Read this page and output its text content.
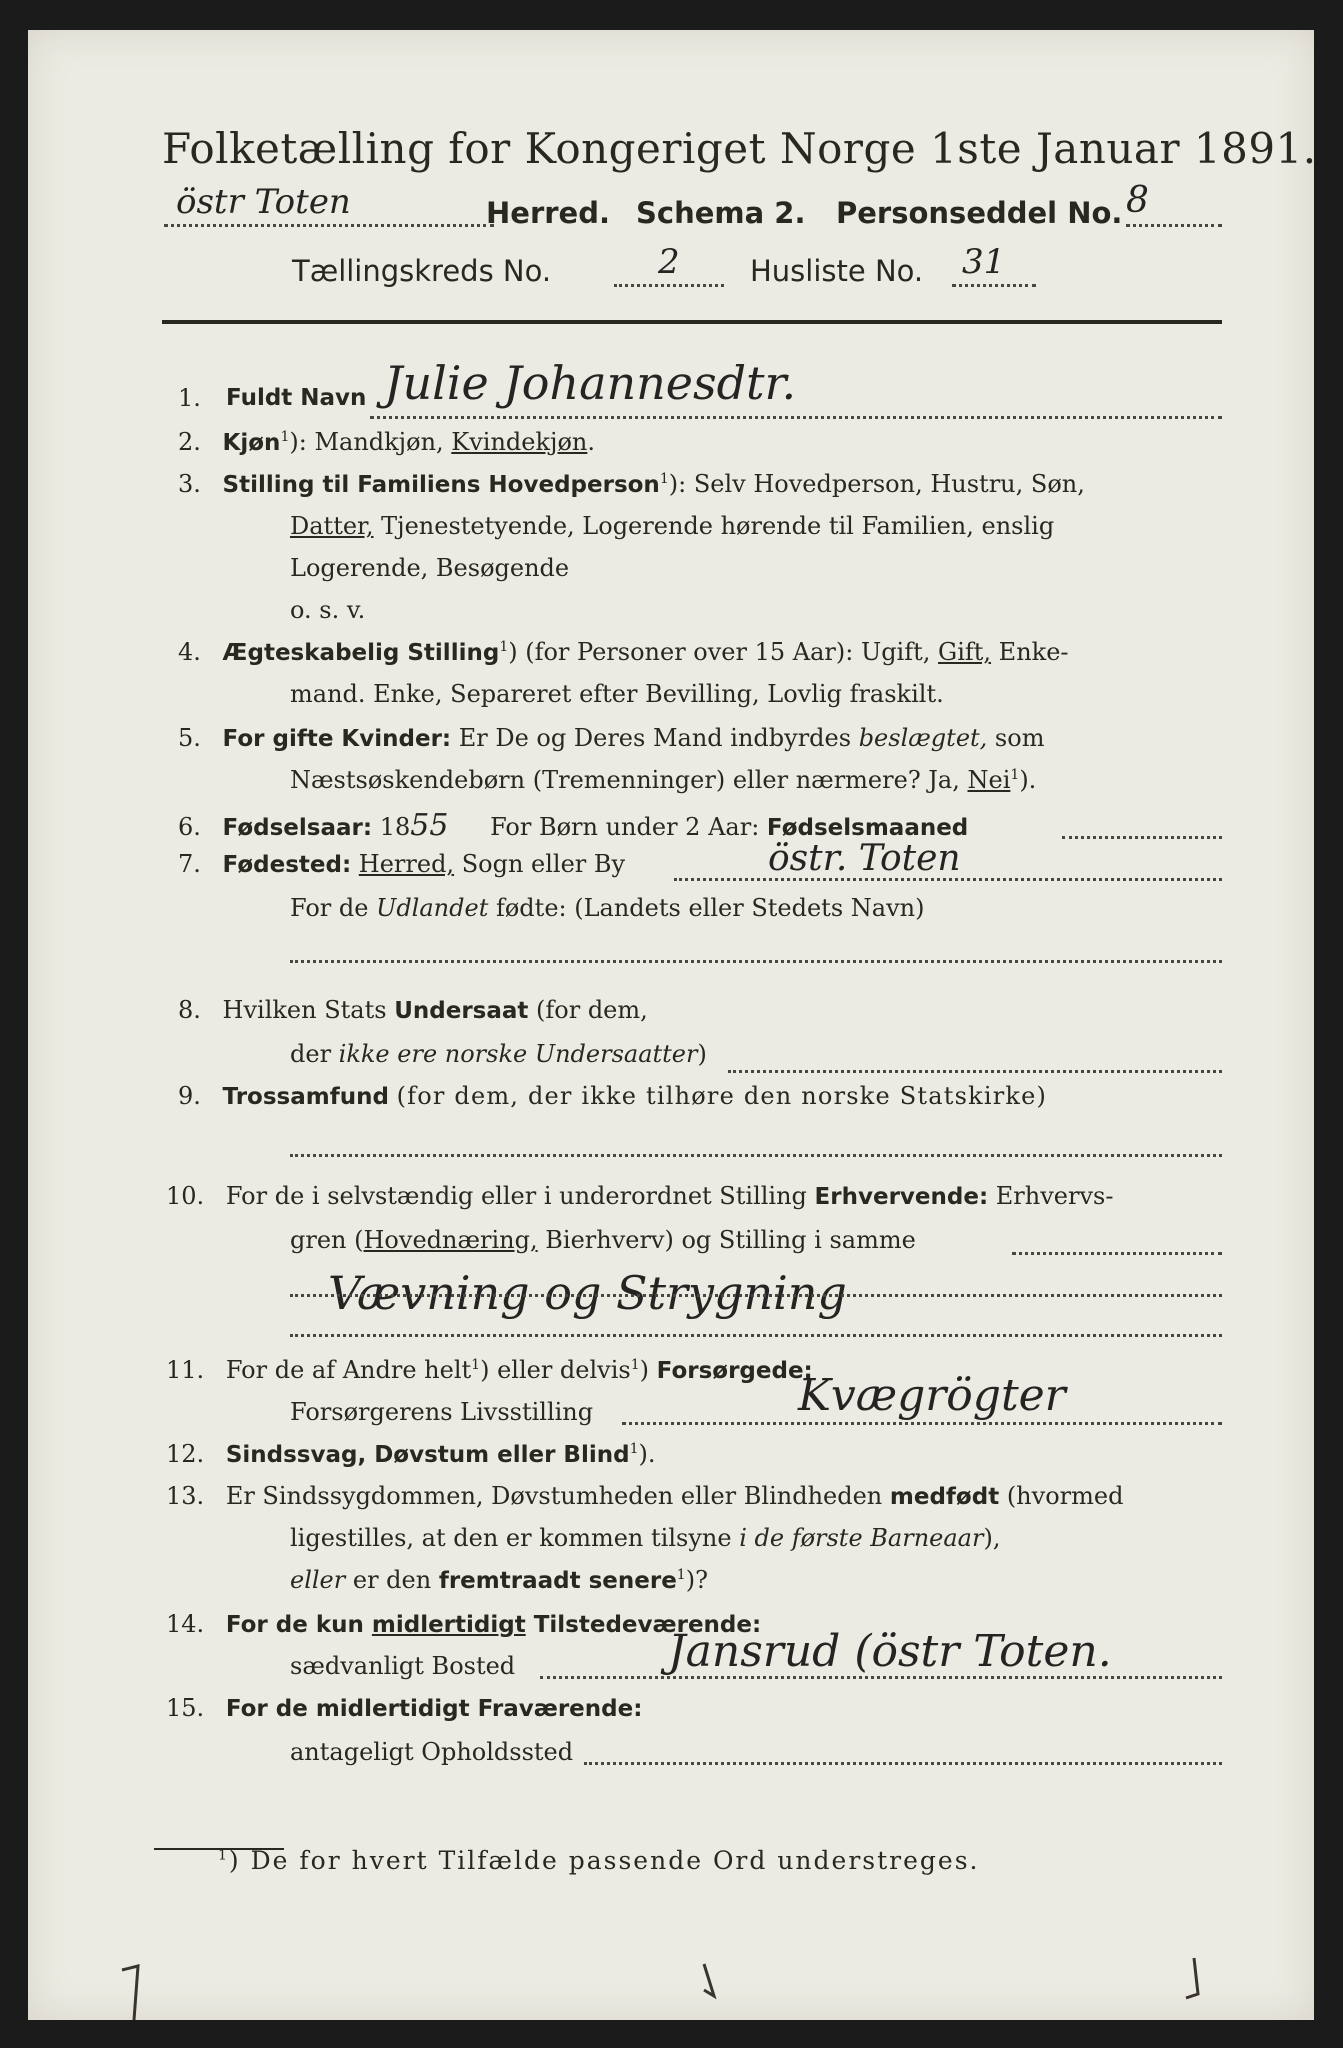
Folketælling for Kongeriget Norge 1ste Januar 1891.
östr Toten	Herred. Schema 2. Personseddel No. 8
Tællingskreds No.	2 Husliste No. 31
1. Fuldt Navn Julie Johannesdtr.
2. Kjøn$^1$): Mandkjøn, Kvindekjøn.
3. Stilling til Familiens Hovedperson$^1$): Selv Hovedperson, Hustru, Søn,
Datter, Tjenestetyende, Logerende hørende til Familien, enslig
Logerende, Besøgende
o. s. v.
4. Ægteskabelig Stilling$^1$) (for Personer over 15 Aar): Ugift, Gift, Enke-
mand. Enke, Separeret efter Bevilling, Lovlig fraskilt.
5. For gifte Kvinder: Er De og Deres Mand indbyrdes beslægtet, som
Næstsøskendebørn (Tremenninger) eller nærmere? Ja, Nei$^1$).
6. Fødselsaar: 1855 For Børn under 2 Aar: Fødselsmaaned
7. Fødested: Herred, Sogn eller By	östr. Toten
For de Udlandet fødte: (Landets eller Stedets Navn)
8. Hvilken Stats Undersaat (for dem,
der ikke ere norske Undersaatter)
9. Trossamfund (for dem, der ikke tilhøre den norske Statskirke)
10. For de i selvstændig eller i underordnet Stilling Erhvervende: Erhvervs-
gren (Hovednæring, Bierhverv) og Stilling i samme
Vævning og Strygning
11. For de af Andre helt$^1$) eller delvis$^1$) Forsørgede:
Forsørgerens Livsstilling	Kvægrögter
12. Sindssvag, Døvstum eller Blind$^1$).
13. Er Sindssygdommen, Døvstumheden eller Blindheden medfødt (hvormed
ligestilles, at den er kommen tilsyne i de første Barneaar),
eller er den fremtraadt senere$^1$)?
14. For de kun midlertidigt Tilstedeværende:
sædvanligt Bosted	Jansrud (östr Toten.
15. For de midlertidigt Fraværende:
antageligt Opholdssted
$^1$) De for hvert Tilfælde passende Ord understreges.
